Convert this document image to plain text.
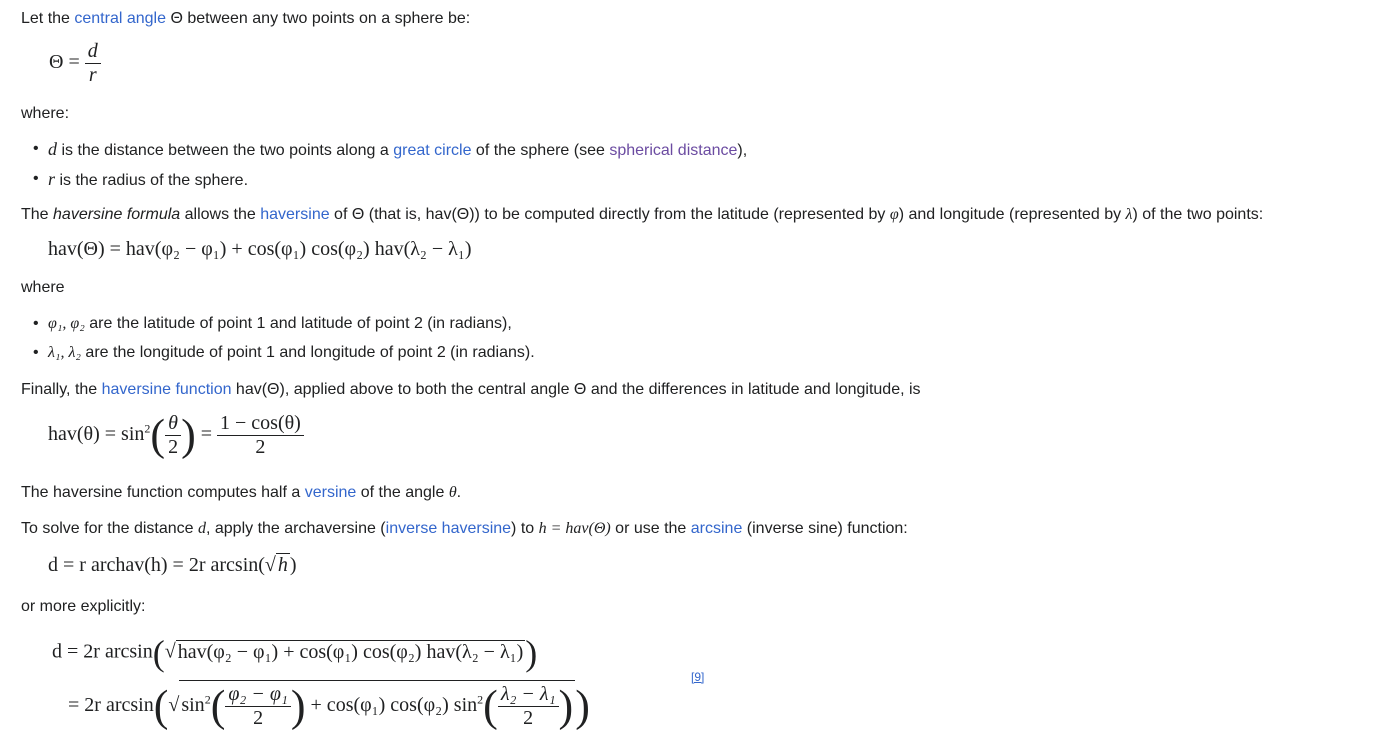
Let the central angle Θ between any two points on a sphere be:
$\Theta = \frac{d}{r}$
where:
• d is the distance between the two points along a great circle of the sphere (see spherical distance),
• r is the radius of the sphere.
The haversine formula allows the haversine of Θ (that is, hav(Θ)) to be computed directly from the latitude (represented by φ) and longitude (represented by λ) of the two points:
hav(Θ) = hav(φ₂ − φ₁) + cos(φ₁) cos(φ₂) hav(λ₂ − λ₁)
where
• φ₁, φ₂ are the latitude of point 1 and latitude of point 2 (in radians),
• λ₁, λ₂ are the longitude of point 1 and longitude of point 2 (in radians).
Finally, the haversine function hav(Θ), applied above to both the central angle Θ and the differences in latitude and longitude, is
$hav(\theta) = \sin^2( \frac{\theta}{2}$ ) = $\frac{1 - \cos(\theta)}{2}$
The haversine function computes half a versine of the angle θ.
To solve for the distance d, apply the archaversine (inverse haversine) to h = hav(Θ) or use the arcsine (inverse sine) function:
d = r archav(h) = 2r arcsin(√ h )
or more explicitly:
d = 2r arcsin(√ hav(φ₂ − φ₁) + cos(φ₁) cos(φ₂) hav(λ₂ − λ₁))
= 2r arcsin(√ $\sin^2( \frac{\text{φ₂ − φ₁}}{2}$ ) + cos(φ₁) cos(φ₂) $\sin^2( \frac{\text{λ₂ − λ₁}}{2}$ ))
[9]
